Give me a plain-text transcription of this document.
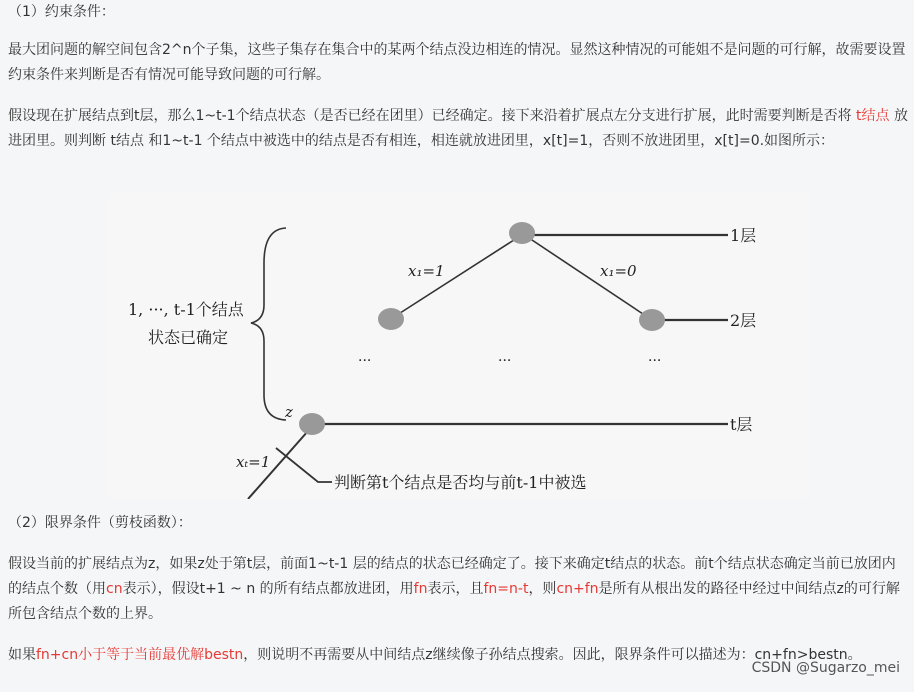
（1）约束条件：
最大团问题的解空间包含2^n个子集，这些子集存在集合中的某两个结点没边相连的情况。显然这种情况的可能姐不是问题的可行解，故需要设置约束条件来判断是否有情况可能导致问题的可行解。
假设现在扩展结点到t层，那么1~t-1个结点状态（是否已经在团里）已经确定。接下来沿着扩展点左分支进行扩展，此时需要判断是否将 t结点 放进团里。则判断 t结点 和1~t-1 个结点中被选中的结点是否有相连，相连就放进团里，x[t]=1，否则不放进团里，x[t]=0.如图所示：
1, ···, t-1个结点
状态已确定
x₁=1	x₁=0
xₜ=1
1层
2层
t层
z
···	···	···
判断第t个结点是否均与前t-1中被选
（2）限界条件（剪枝函数）：
假设当前的扩展结点为z，如果z处于第t层，前面1~t-1 层的结点的状态已经确定了。接下来确定t结点的状态。前t个结点状态确定当前已放团内的结点个数（用cn表示），假设t+1 ~ n 的所有结点都放进团，用fn表示，且fn=n-t，则cn+fn是所有从根出发的路径中经过中间结点z的可行解所包含结点个数的上界。
如果fn+cn小于等于当前最优解bestn，则说明不再需要从中间结点z继续像子孙结点搜索。因此，限界条件可以描述为：cn+fn>bestn。
CSDN @Sugarzo_mei
